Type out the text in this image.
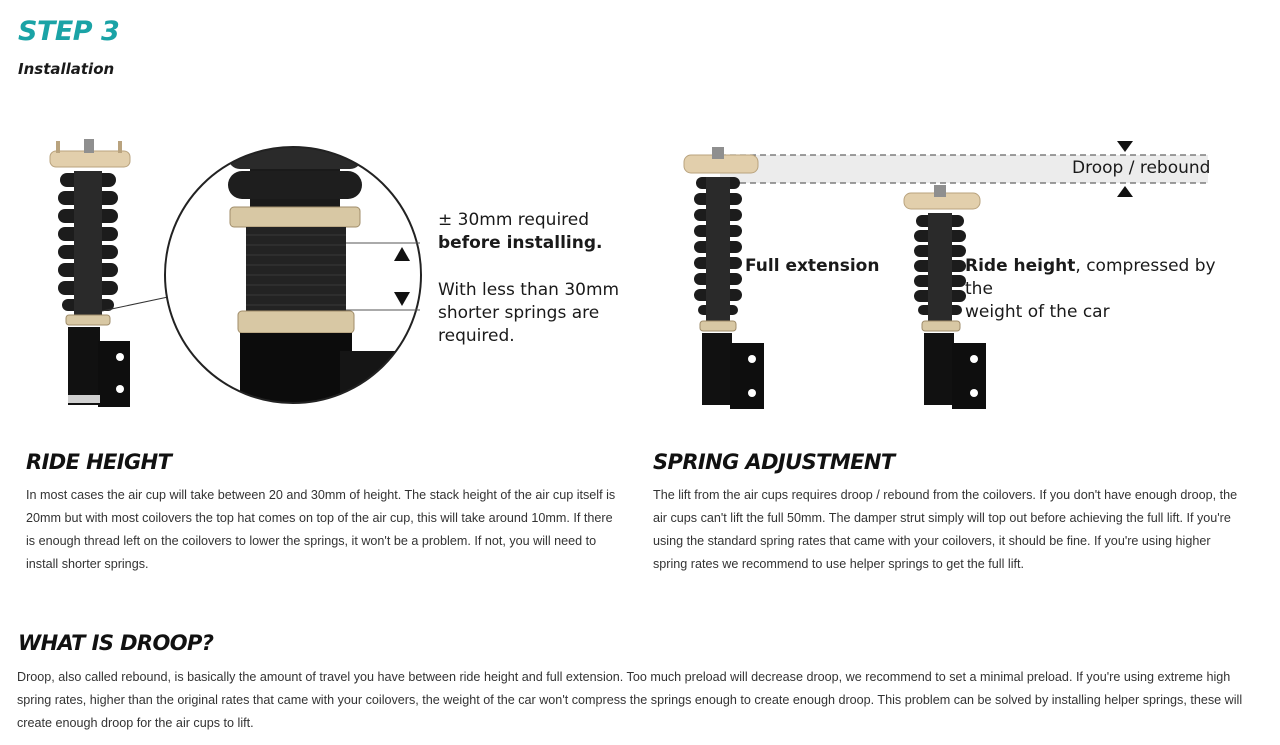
STEP 3
Installation
± 30mm required
before installing.
With less than 30mm
shorter springs are
required.
Droop / rebound
Full extension	Ride height, compressed by the
weight of the car
RIDE HEIGHT

In most cases the air cup will take between 20 and 30mm of height. The stack height of the air cup itself is 20mm but with most coilovers the top hat comes on top of the air cup, this will take around 10mm. If there is enough thread left on the coilovers to lower the springs, it won't be a problem. If not, you will need to install shorter springs.

SPRING ADJUSTMENT

The lift from the air cups requires droop / rebound from the coilovers. If you don't have enough droop, the air cups can't lift the full 50mm. The damper strut simply will top out before achieving the full lift. If you're using the standard spring rates that came with your coilovers, it should be fine. If you're using higher spring rates we recommend to use helper springs to get the full lift.

WHAT IS DROOP?

Droop, also called rebound, is basically the amount of travel you have between ride height and full extension. Too much preload will decrease droop, we recommend to set a minimal preload. If you're using extreme high spring rates, higher than the original rates that came with your coilovers, the weight of the car won't compress the springs enough to create enough droop. This problem can be solved by installing helper springs, these will create enough droop for the air cups to lift.
